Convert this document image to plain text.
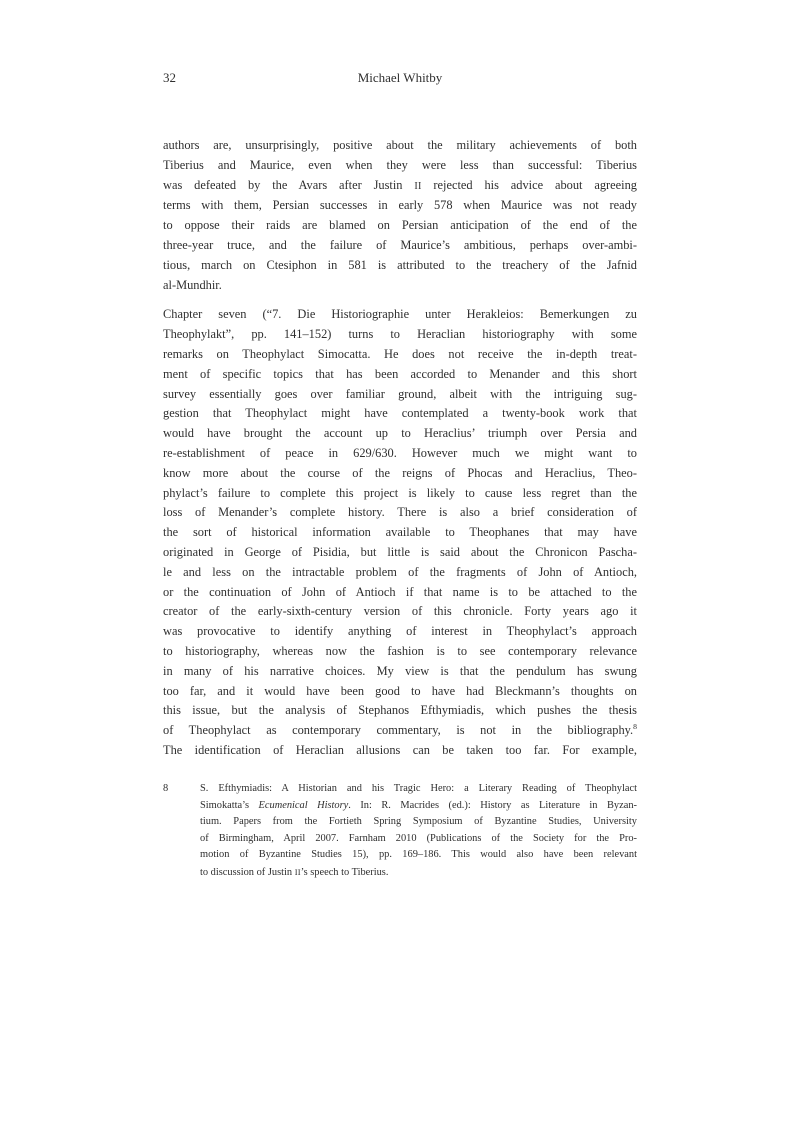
32	Michael Whitby
authors are, unsurprisingly, positive about the military achievements of both
Tiberius and Maurice, even when they were less than successful: Tiberius
was defeated by the Avars after Justin II rejected his advice about agreeing
terms with them, Persian successes in early 578 when Maurice was not ready
to oppose their raids are blamed on Persian anticipation of the end of the
three-year truce, and the failure of Maurice’s ambitious, perhaps over-ambi-
tious, march on Ctesiphon in 581 is attributed to the treachery of the Jafnid
al-Mundhir.
Chapter seven (“7. Die Historiographie unter Herakleios: Bemerkungen zu
Theophylakt”, pp. 141–152) turns to Heraclian historiography with some
remarks on Theophylact Simocatta. He does not receive the in-depth treat-
ment of specific topics that has been accorded to Menander and this short
survey essentially goes over familiar ground, albeit with the intriguing sug-
gestion that Theophylact might have contemplated a twenty-book work that
would have brought the account up to Heraclius’ triumph over Persia and
re-establishment of peace in 629/630. However much we might want to
know more about the course of the reigns of Phocas and Heraclius, Theo-
phylact’s failure to complete this project is likely to cause less regret than the
loss of Menander’s complete history. There is also a brief consideration of
the sort of historical information available to Theophanes that may have
originated in George of Pisidia, but little is said about the Chronicon Pascha-
le and less on the intractable problem of the fragments of John of Antioch,
or the continuation of John of Antioch if that name is to be attached to the
creator of the early-sixth-century version of this chronicle. Forty years ago it
was provocative to identify anything of interest in Theophylact’s approach
to historiography, whereas now the fashion is to see contemporary relevance
in many of his narrative choices. My view is that the pendulum has swung
too far, and it would have been good to have had Bleckmann’s thoughts on
this issue, but the analysis of Stephanos Efthymiadis, which pushes the thesis
of Theophylact as contemporary commentary, is not in the bibliography.$^8$
The identification of Heraclian allusions can be taken too far. For example,
8	S. Efthymiadis: A Historian and his Tragic Hero: a Literary Reading of Theophylact
Simokatta’s Ecumenical History. In: R. Macrides (ed.): History as Literature in Byzan-
tium. Papers from the Fortieth Spring Symposium of Byzantine Studies, University
of Birmingham, April 2007. Farnham 2010 (Publications of the Society for the Pro-
motion of Byzantine Studies 15), pp. 169–186. This would also have been relevant
to discussion of Justin II’s speech to Tiberius.
